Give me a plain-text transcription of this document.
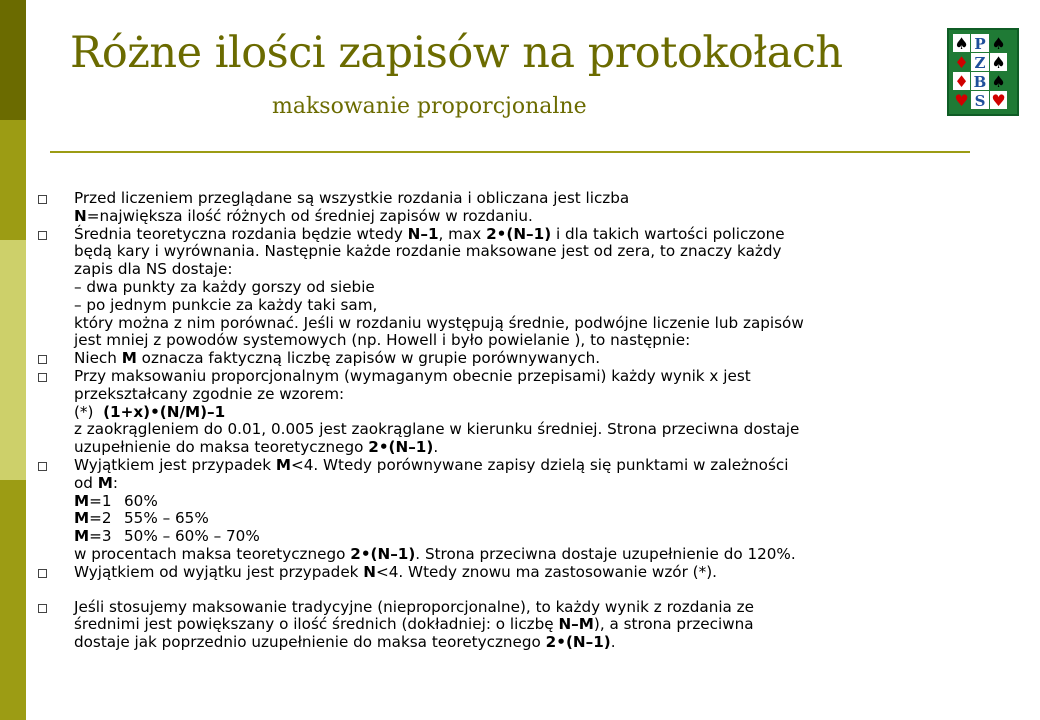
Różne ilości zapisów na protokołach
maksowanie proporcjonalne
♠
♠
♦
♥
♦
♠
♠
♥
P
Z
B
S
Przed liczeniem przeglądane są wszystkie rozdania i obliczana jest liczba
N=największa ilość różnych od średniej zapisów w rozdaniu.
Średnia teoretyczna rozdania będzie wtedy N–1, max 2•(N–1) i dla takich wartości policzone
będą kary i wyrównania. Następnie każde rozdanie maksowane jest od zera, to znaczy każdy
zapis dla NS dostaje:
– dwa punkty za każdy gorszy od siebie
– po jednym punkcie za każdy taki sam,
który można z nim porównać. Jeśli w rozdaniu występują średnie, podwójne liczenie lub zapisów
jest mniej z powodów systemowych (np. Howell i było powielanie ), to następnie:
Niech M oznacza faktyczną liczbę zapisów w grupie porównywanych.
Przy maksowaniu proporcjonalnym (wymaganym obecnie przepisami) każdy wynik x jest
przekształcany zgodnie ze wzorem:
(*)  (1+x)•(N/M)–1
z zaokrągleniem do 0.01, 0.005 jest zaokrąglane w kierunku średniej. Strona przeciwna dostaje
uzupełnienie do maksa teoretycznego 2•(N–1).
Wyjątkiem jest przypadek M<4. Wtedy porównywane zapisy dzielą się punktami w zależności
od M:
M=1 60%
M=2 55% – 65%
M=3 50% – 60% – 70%
w procentach maksa teoretycznego 2•(N–1). Strona przeciwna dostaje uzupełnienie do 120%.
Wyjątkiem od wyjątku jest przypadek N<4. Wtedy znowu ma zastosowanie wzór (*).
Jeśli stosujemy maksowanie tradycyjne (nieproporcjonalne), to każdy wynik z rozdania ze
średnimi jest powiększany o ilość średnich (dokładniej: o liczbę N–M), a strona przeciwna
dostaje jak poprzednio uzupełnienie do maksa teoretycznego 2•(N–1).
